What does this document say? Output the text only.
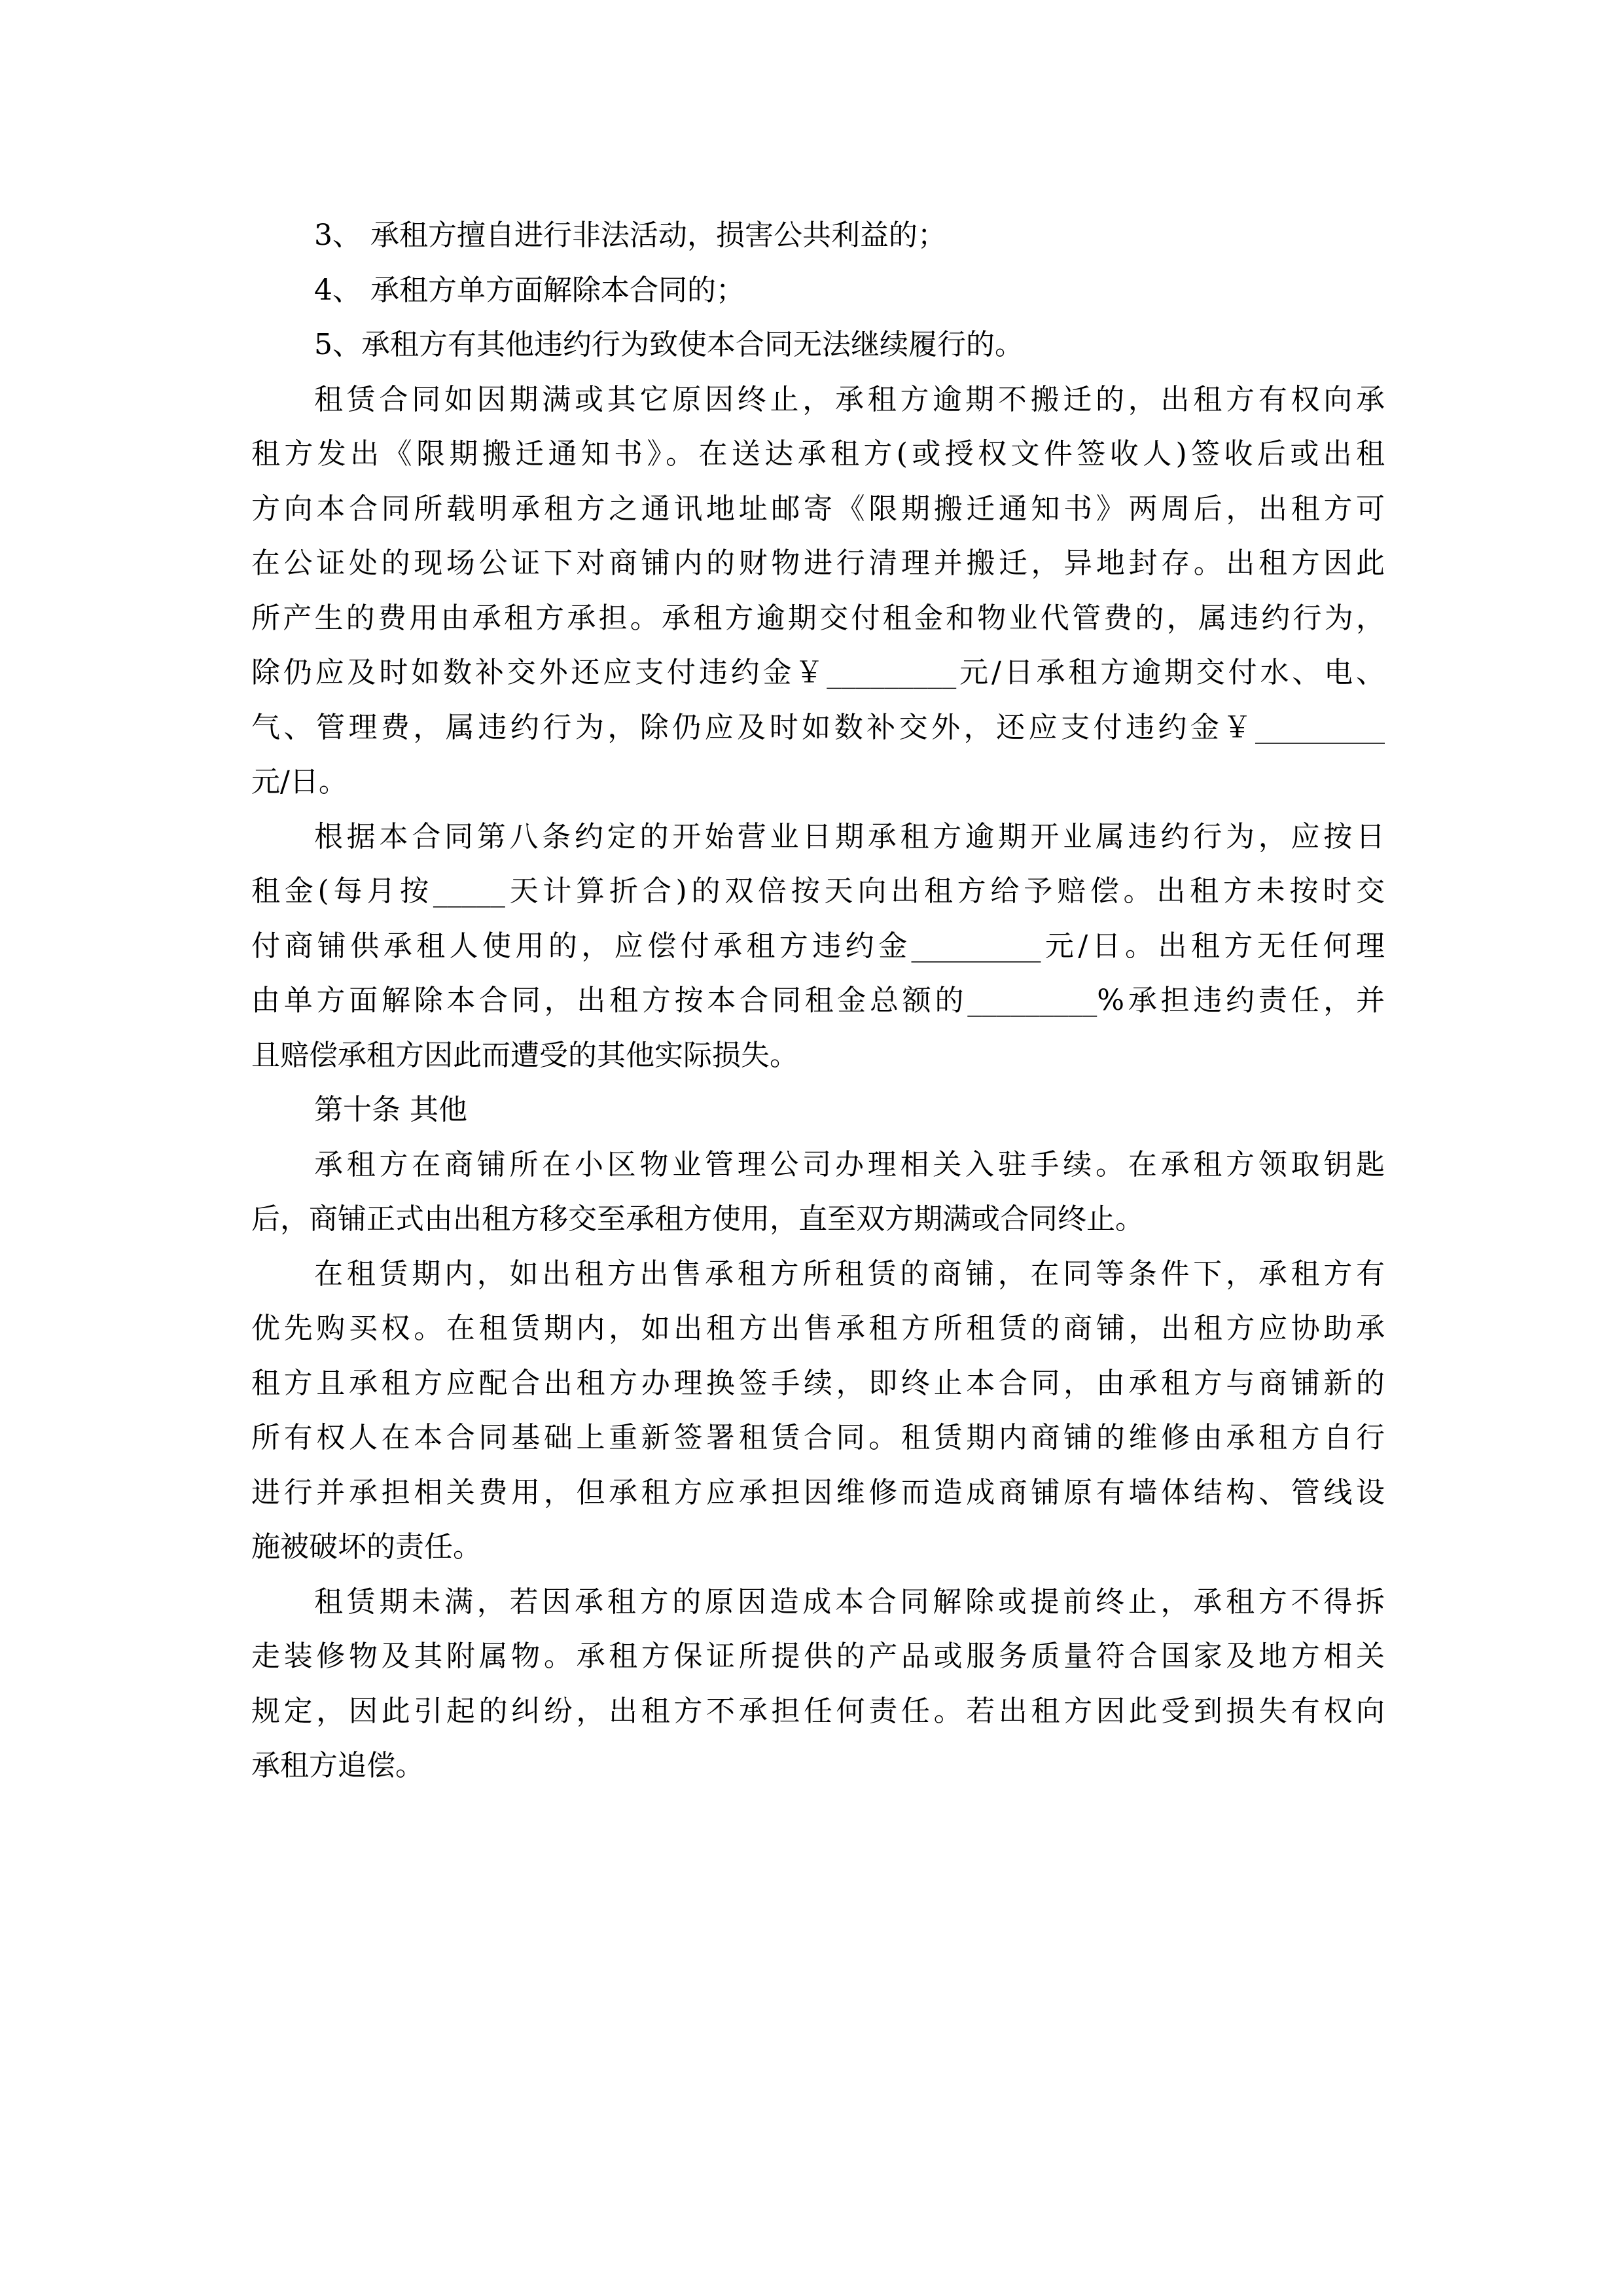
3、 承租方擅自进行非法活动，损害公共利益的；
4、 承租方单方面解除本合同的；
5、承租方有其他违约行为致使本合同无法继续履行的。
租赁合同如因期满或其它原因终止，承租方逾期不搬迁的，出租方有权向承
租方发出《限期搬迁通知书》。在送达承租方(或授权文件签收人)签收后或出租
方向本合同所载明承租方之通讯地址邮寄《限期搬迁通知书》两周后，出租方可
在公证处的现场公证下对商铺内的财物进行清理并搬迁，异地封存。出租方因此
所产生的费用由承租方承担。承租方逾期交付租金和物业代管费的，属违约行为，
除仍应及时如数补交外还应支付违约金￥_________元/日承租方逾期交付水、电、
气、管理费，属违约行为，除仍应及时如数补交外，还应支付违约金￥_________
元/日。
根据本合同第八条约定的开始营业日期承租方逾期开业属违约行为，应按日
租金(每月按_____天计算折合)的双倍按天向出租方给予赔偿。出租方未按时交
付商铺供承租人使用的，应偿付承租方违约金_________元/日。出租方无任何理
由单方面解除本合同，出租方按本合同租金总额的_________%承担违约责任，并
且赔偿承租方因此而遭受的其他实际损失。
第十条 其他
承租方在商铺所在小区物业管理公司办理相关入驻手续。在承租方领取钥匙
后，商铺正式由出租方移交至承租方使用，直至双方期满或合同终止。
在租赁期内，如出租方出售承租方所租赁的商铺，在同等条件下，承租方有
优先购买权。在租赁期内，如出租方出售承租方所租赁的商铺，出租方应协助承
租方且承租方应配合出租方办理换签手续，即终止本合同，由承租方与商铺新的
所有权人在本合同基础上重新签署租赁合同。租赁期内商铺的维修由承租方自行
进行并承担相关费用，但承租方应承担因维修而造成商铺原有墙体结构、管线设
施被破坏的责任。
租赁期未满，若因承租方的原因造成本合同解除或提前终止，承租方不得拆
走装修物及其附属物。承租方保证所提供的产品或服务质量符合国家及地方相关
规定，因此引起的纠纷，出租方不承担任何责任。若出租方因此受到损失有权向
承租方追偿。
